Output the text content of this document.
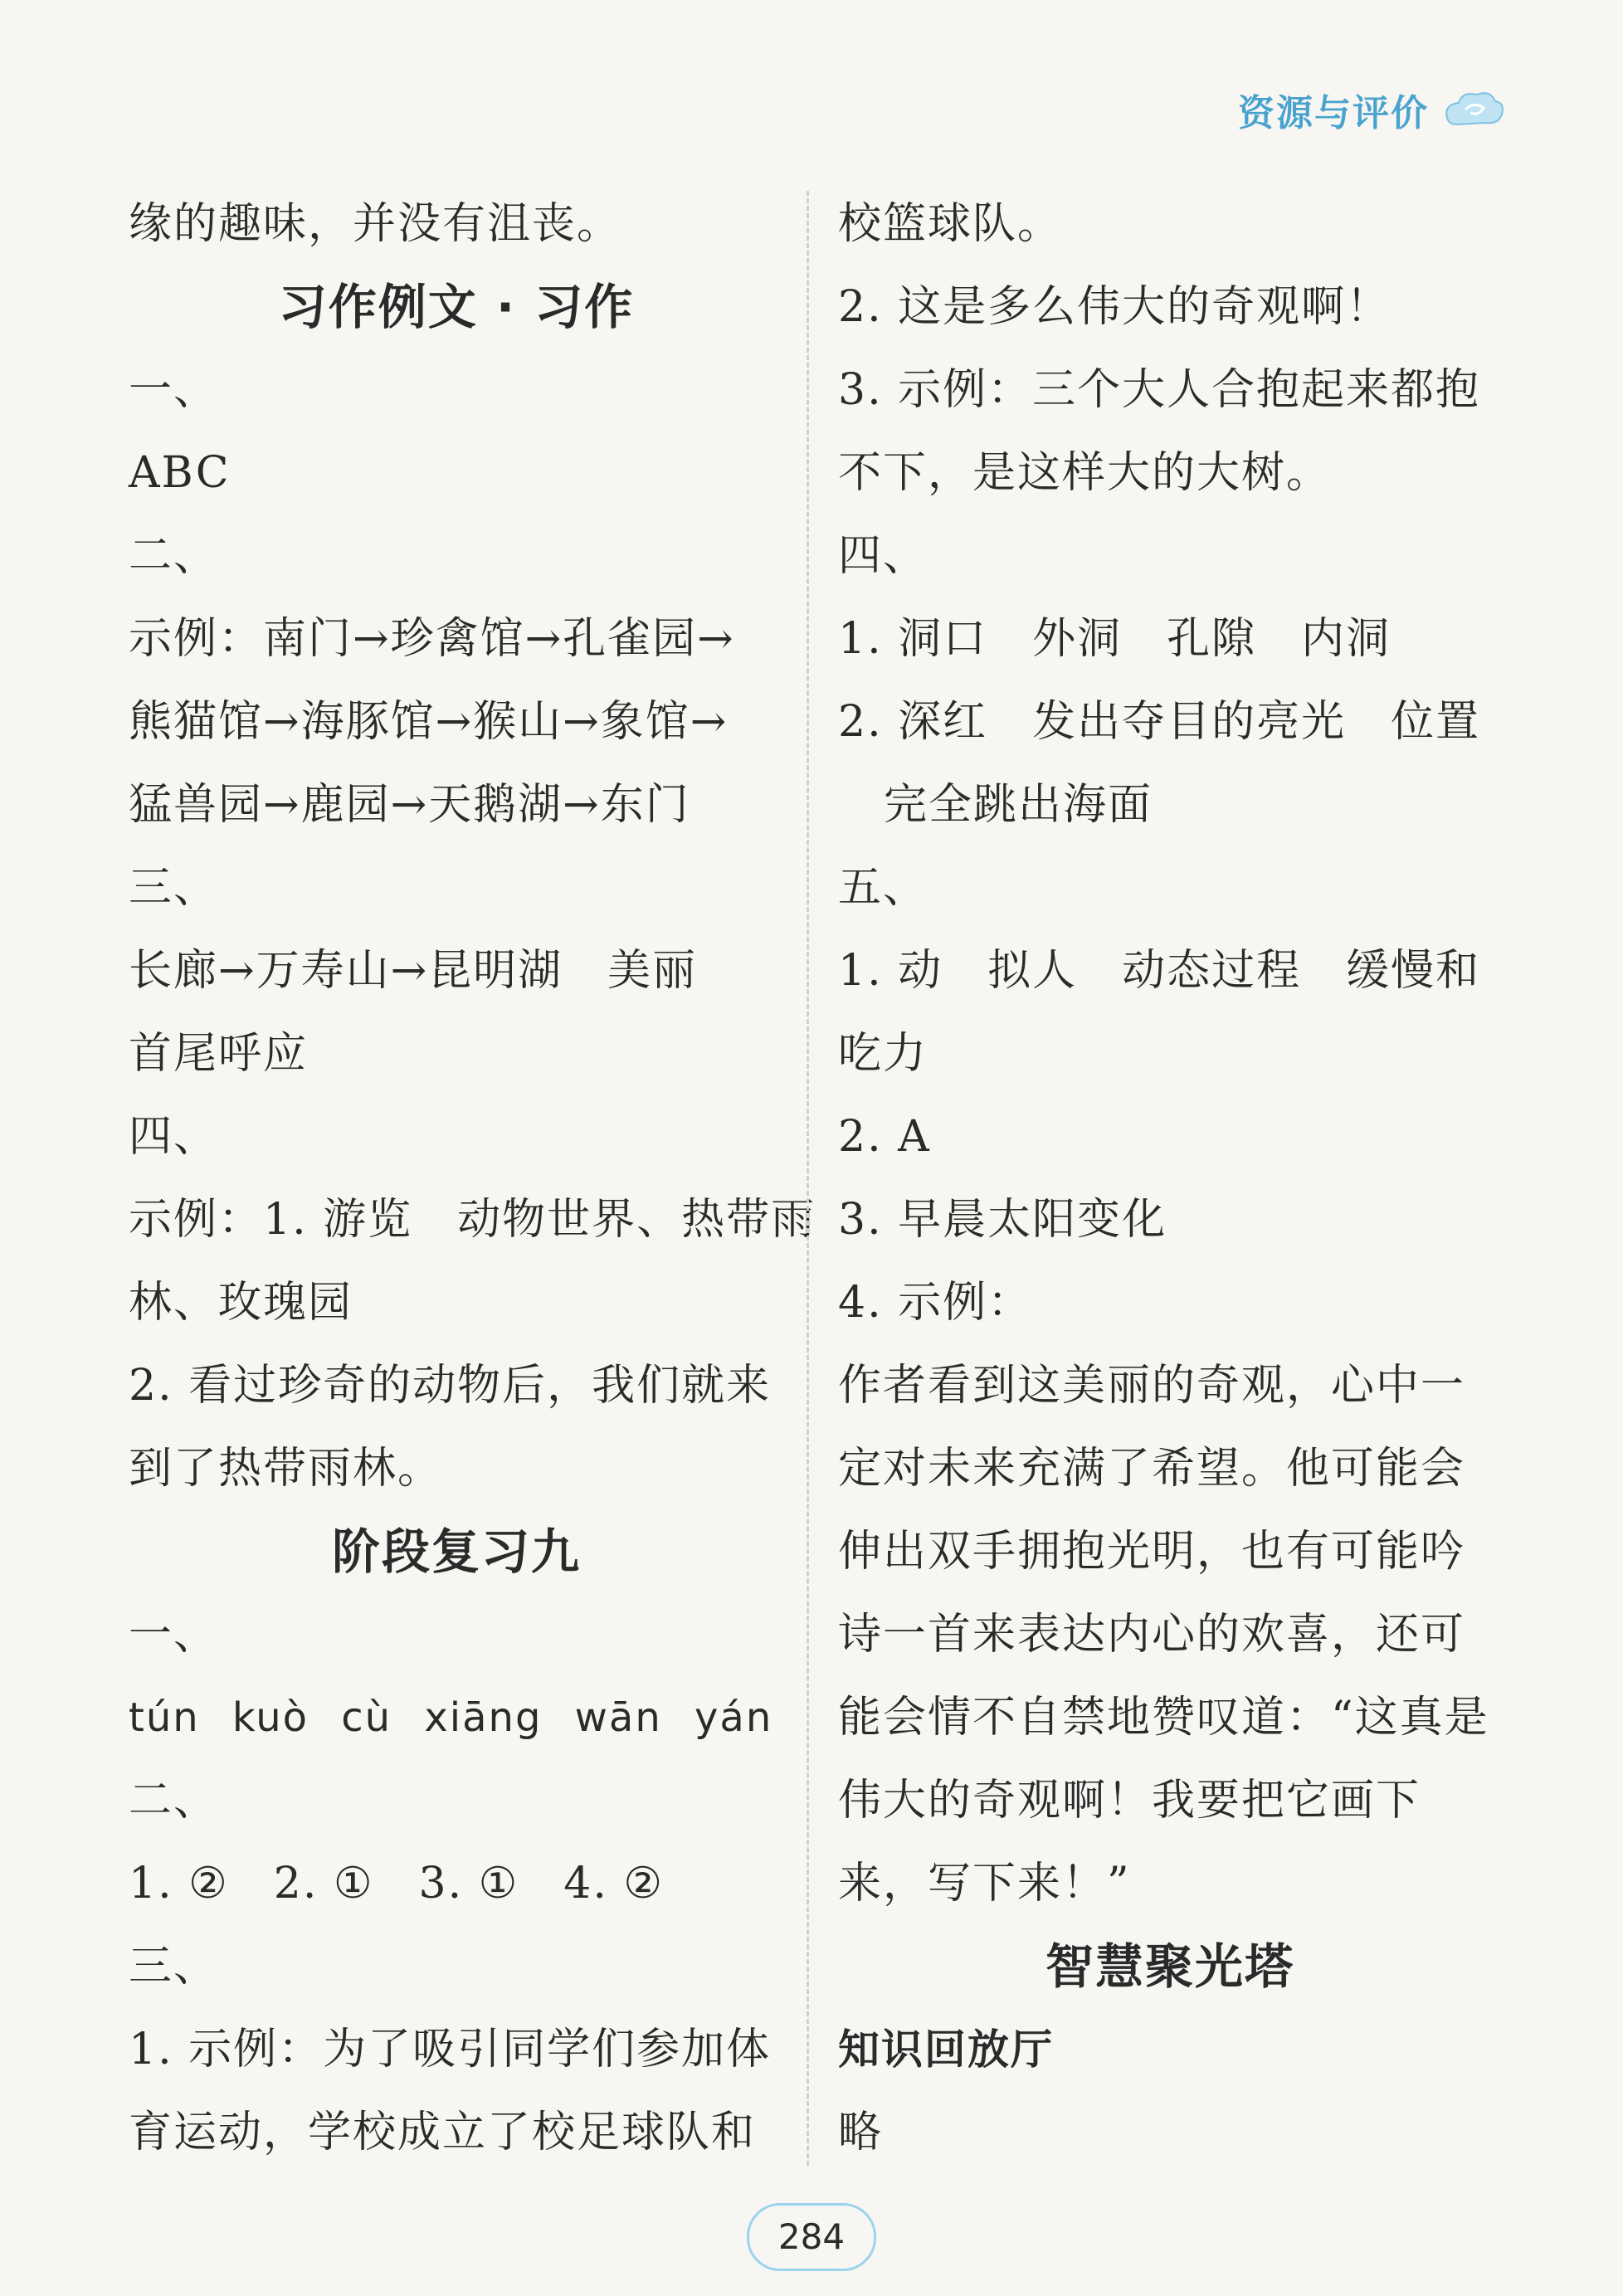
资源与评价
缘的趣味，并没有沮丧。
习作例文 · 习作
一、
ABC
二、
示例：南门→珍禽馆→孔雀园→
熊猫馆→海豚馆→猴山→象馆→
猛兽园→鹿园→天鹅湖→东门
三、
长廊→万寿山→昆明湖　美丽
首尾呼应
四、
示例：1. 游览　动物世界、热带雨
林、玫瑰园
2. 看过珍奇的动物后，我们就来
到了热带雨林。
阶段复习九
一、
tún kuò cù xiāng wān yán
二、
1. ②　2. ①　3. ①　4. ②
三、
1. 示例：为了吸引同学们参加体
育运动，学校成立了校足球队和
校篮球队。
2. 这是多么伟大的奇观啊！
3. 示例：三个大人合抱起来都抱
不下，是这样大的大树。
四、
1. 洞口　外洞　孔隙　内洞
2. 深红　发出夺目的亮光　位置
完全跳出海面
五、
1. 动　拟人　动态过程　缓慢和
吃力
2. A
3. 早晨太阳变化
4. 示例：
作者看到这美丽的奇观，心中一
定对未来充满了希望。他可能会
伸出双手拥抱光明，也有可能吟
诗一首来表达内心的欢喜，还可
能会情不自禁地赞叹道：“这真是
伟大的奇观啊！我要把它画下
来，写下来！”
智慧聚光塔
知识回放厅
略
284
